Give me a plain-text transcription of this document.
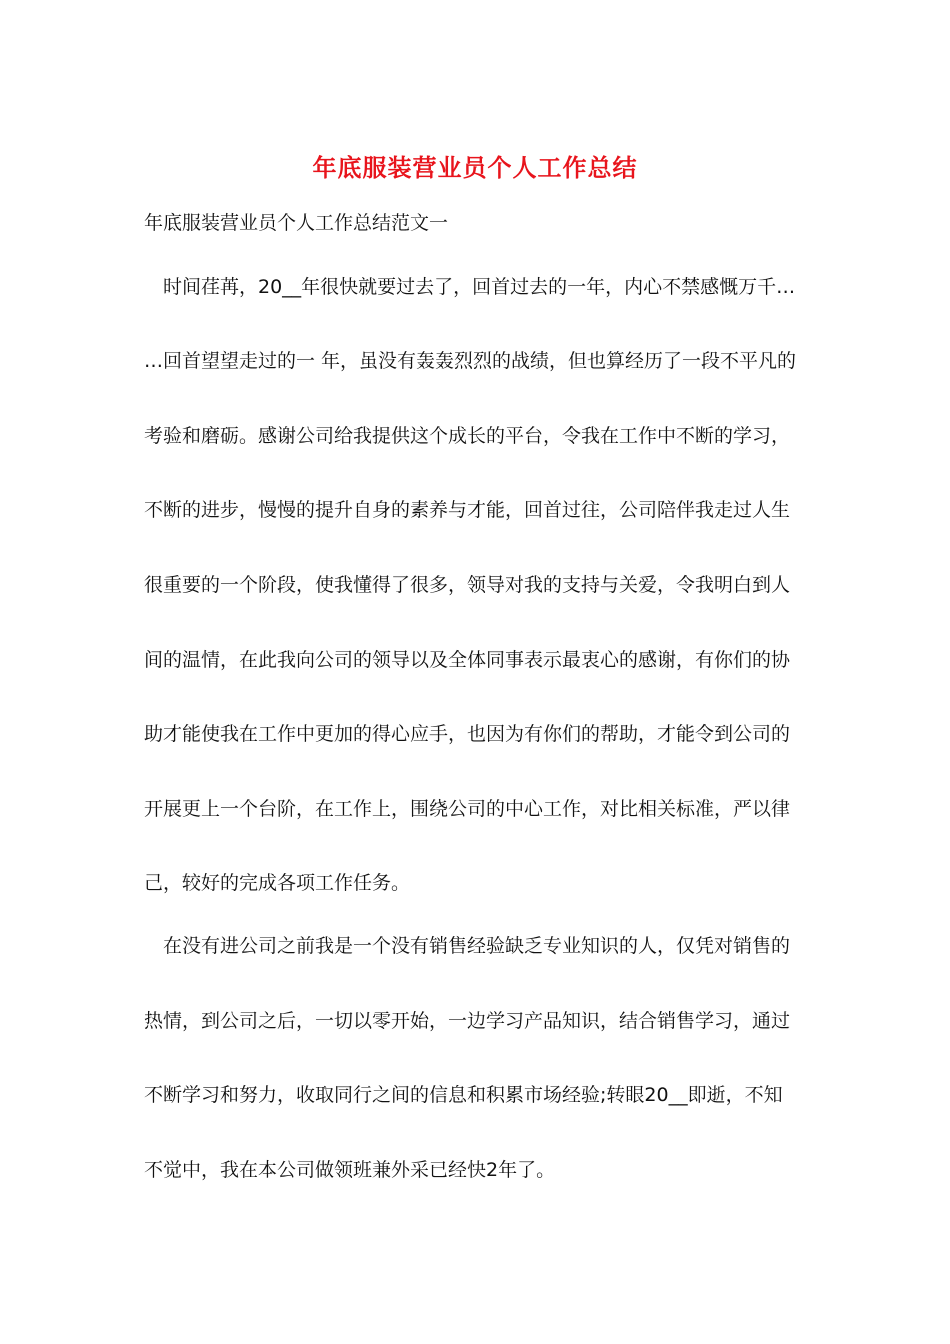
年底服装营业员个人工作总结
年底服装营业员个人工作总结范文一
时间荏苒，20__年很快就要过去了，回首过去的一年，内心不禁感慨万千…
…回首望望走过的一 年，虽没有轰轰烈烈的战绩，但也算经历了一段不平凡的
考验和磨砺。感谢公司给我提供这个成长的平台，令我在工作中不断的学习，
不断的进步，慢慢的提升自身的素养与才能，回首过往，公司陪伴我走过人生
很重要的一个阶段，使我懂得了很多，领导对我的支持与关爱，令我明白到人
间的温情，在此我向公司的领导以及全体同事表示最衷心的感谢，有你们的协
助才能使我在工作中更加的得心应手，也因为有你们的帮助，才能令到公司的
开展更上一个台阶，在工作上，围绕公司的中心工作，对比相关标准，严以律
己，较好的完成各项工作任务。
在没有进公司之前我是一个没有销售经验缺乏专业知识的人，仅凭对销售的
热情，到公司之后，一切以零开始，一边学习产品知识，结合销售学习，通过
不断学习和努力，收取同行之间的信息和积累市场经验;转眼20__即逝，不知
不觉中，我在本公司做领班兼外采已经快2年了。
